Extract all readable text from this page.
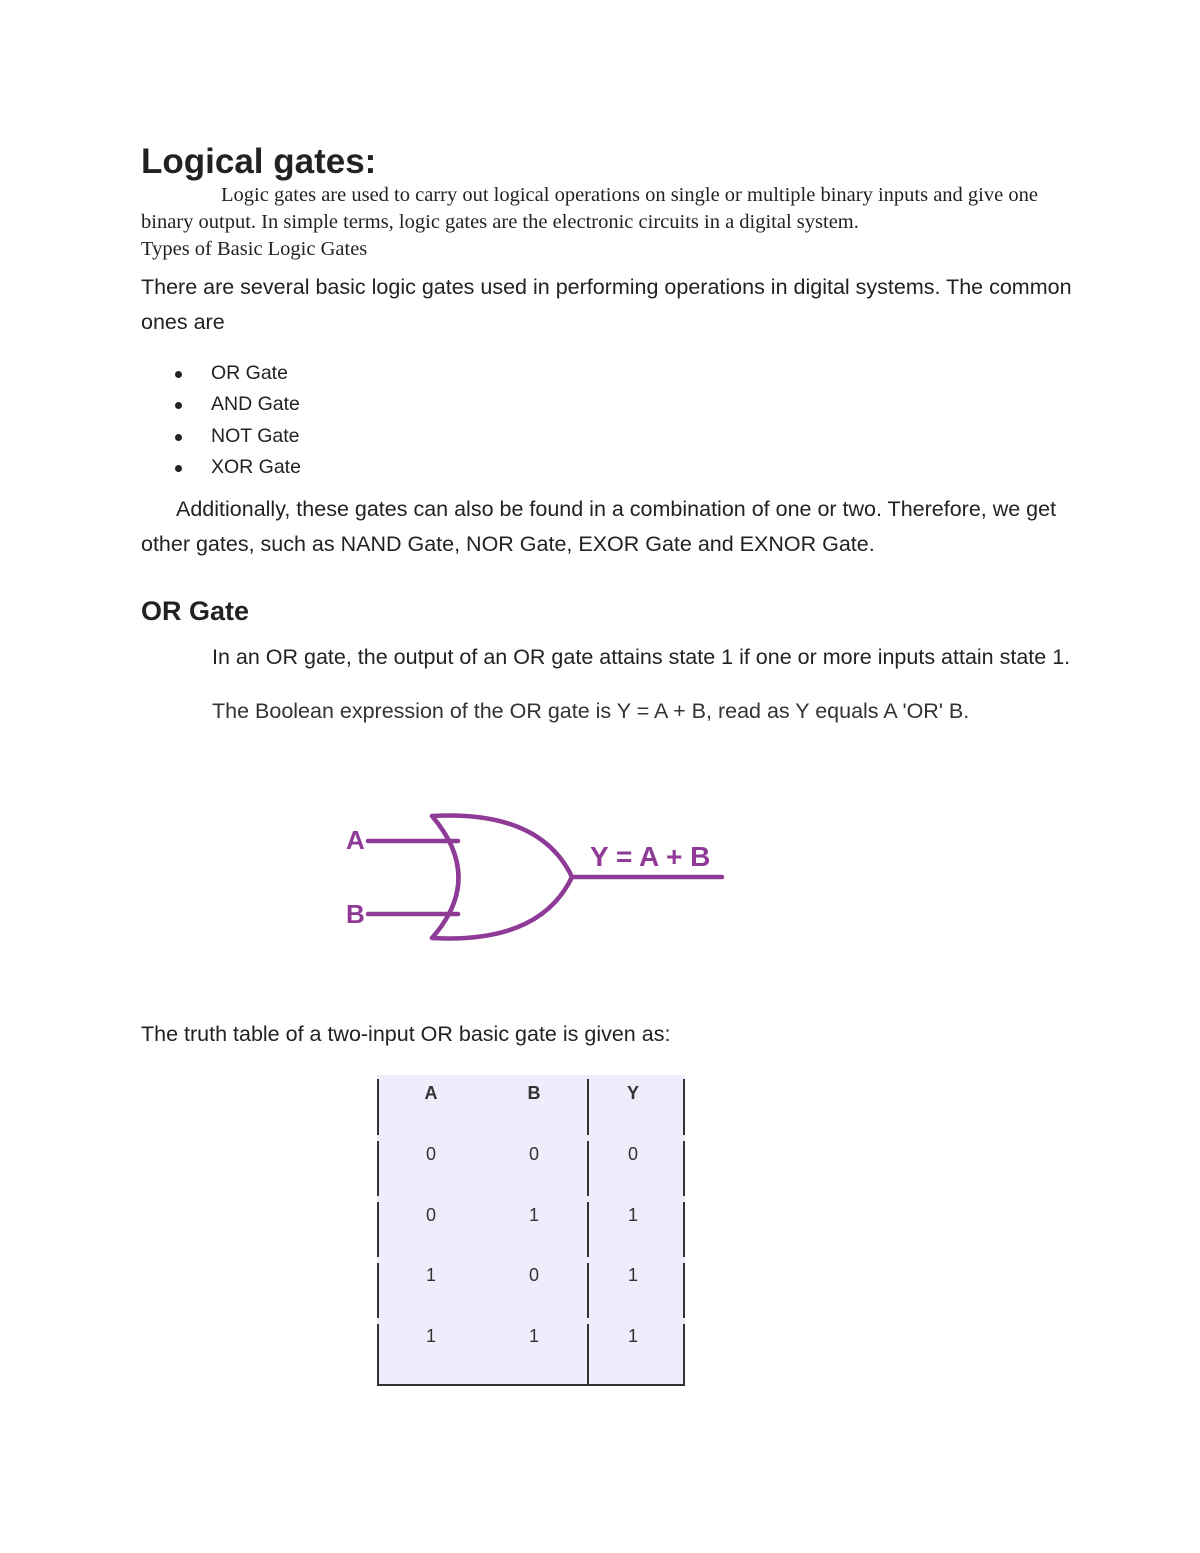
Logical gates:

Logic gates are used to carry out logical operations on single or multiple binary inputs and give one binary output. In simple terms, logic gates are the electronic circuits in a digital system.

Types of Basic Logic Gates

There are several basic logic gates used in performing operations in digital systems. The common ones are

OR Gate
AND Gate
NOT Gate
XOR Gate

Additionally, these gates can also be found in a combination of one or two. Therefore, we get other gates, such as NAND Gate, NOR Gate, EXOR Gate and EXNOR Gate.

OR Gate

In an OR gate, the output of an OR gate attains state 1 if one or more inputs attain state 1.

The Boolean expression of the OR gate is Y = A + B, read as Y equals A 'OR' B.

A
B
Y = A + B

The truth table of a two-input OR basic gate is given as:

A	B	Y
0	0	0
0	1	1
1	0	1
1	1	1
